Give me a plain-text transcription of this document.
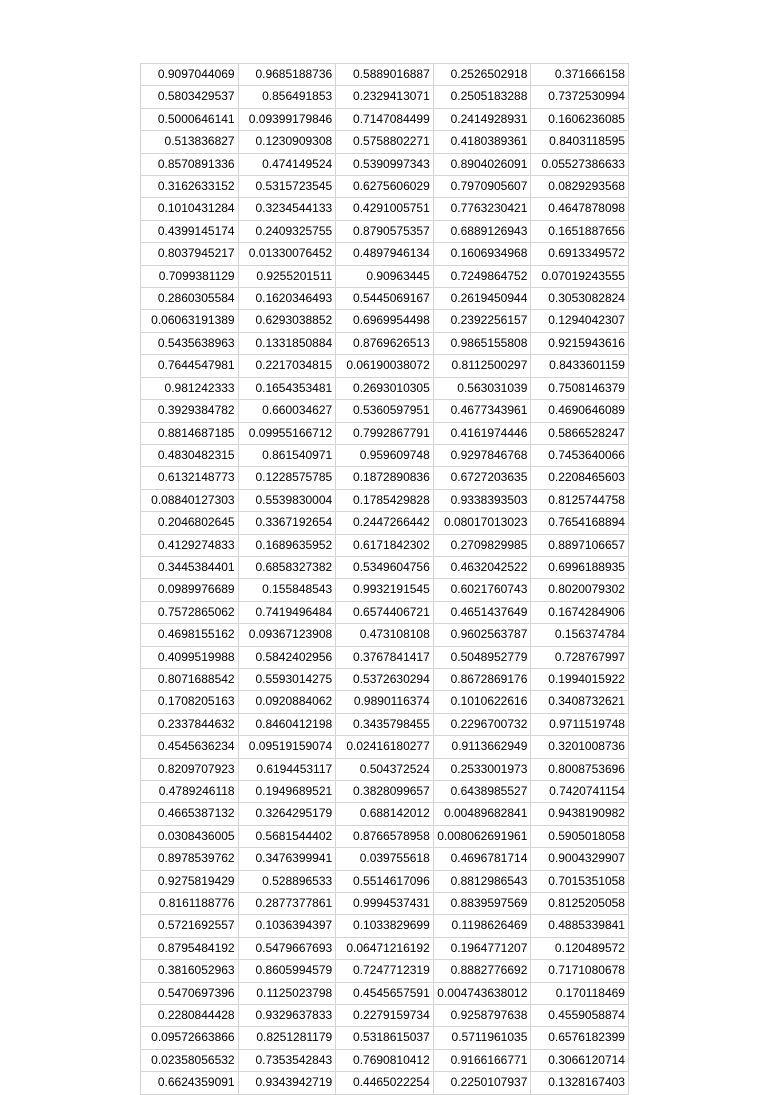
0.9097044069	0.9685188736	0.5889016887	0.2526502918	0.371666158
0.5803429537	0.856491853	0.2329413071	0.2505183288	0.7372530994
0.5000646141	0.09399179846	0.7147084499	0.2414928931	0.1606236085
0.513836827	0.1230909308	0.5758802271	0.4180389361	0.8403118595
0.8570891336	0.474149524	0.5390997343	0.8904026091	0.05527386633
0.3162633152	0.5315723545	0.6275606029	0.7970905607	0.0829293568
0.1010431284	0.3234544133	0.4291005751	0.7763230421	0.4647878098
0.4399145174	0.2409325755	0.8790575357	0.6889126943	0.1651887656
0.8037945217	0.01330076452	0.4897946134	0.1606934968	0.6913349572
0.7099381129	0.9255201511	0.90963445	0.7249864752	0.07019243555
0.2860305584	0.1620346493	0.5445069167	0.2619450944	0.3053082824
0.06063191389	0.6293038852	0.6969954498	0.2392256157	0.1294042307
0.5435638963	0.1331850884	0.8769626513	0.9865155808	0.9215943616
0.7644547981	0.2217034815	0.06190038072	0.8112500297	0.8433601159
0.981242333	0.1654353481	0.2693010305	0.563031039	0.7508146379
0.3929384782	0.660034627	0.5360597951	0.4677343961	0.4690646089
0.8814687185	0.09955166712	0.7992867791	0.4161974446	0.5866528247
0.4830482315	0.861540971	0.959609748	0.9297846768	0.7453640066
0.6132148773	0.1228575785	0.1872890836	0.6727203635	0.2208465603
0.08840127303	0.5539830004	0.1785429828	0.9338393503	0.8125744758
0.2046802645	0.3367192654	0.2447266442	0.08017013023	0.7654168894
0.4129274833	0.1689635952	0.6171842302	0.2709829985	0.8897106657
0.3445384401	0.6858327382	0.5349604756	0.4632042522	0.6996188935
0.0989976689	0.155848543	0.9932191545	0.6021760743	0.8020079302
0.7572865062	0.7419496484	0.6574406721	0.4651437649	0.1674284906
0.4698155162	0.09367123908	0.473108108	0.9602563787	0.156374784
0.4099519988	0.5842402956	0.3767841417	0.5048952779	0.728767997
0.8071688542	0.5593014275	0.5372630294	0.8672869176	0.1994015922
0.1708205163	0.0920884062	0.9890116374	0.1010622616	0.3408732621
0.2337844632	0.8460412198	0.3435798455	0.2296700732	0.9711519748
0.4545636234	0.09519159074	0.02416180277	0.9113662949	0.3201008736
0.8209707923	0.6194453117	0.504372524	0.2533001973	0.8008753696
0.4789246118	0.1949689521	0.3828099657	0.6438985527	0.7420741154
0.4665387132	0.3264295179	0.688142012	0.00489682841	0.9438190982
0.0308436005	0.5681544402	0.8766578958	0.008062691961	0.5905018058
0.8978539762	0.3476399941	0.039755618	0.4696781714	0.9004329907
0.9275819429	0.528896533	0.5514617096	0.8812986543	0.7015351058
0.8161188776	0.2877377861	0.9994537431	0.8839597569	0.8125205058
0.5721692557	0.1036394397	0.1033829699	0.1198626469	0.4885339841
0.8795484192	0.5479667693	0.06471216192	0.1964771207	0.120489572
0.3816052963	0.8605994579	0.7247712319	0.8882776692	0.7171080678
0.5470697396	0.1125023798	0.4545657591	0.004743638012	0.170118469
0.2280844428	0.9329637833	0.2279159734	0.9258797638	0.4559058874
0.09572663866	0.8251281179	0.5318615037	0.5711961035	0.6576182399
0.02358056532	0.7353542843	0.7690810412	0.9166166771	0.3066120714
0.6624359091	0.9343942719	0.4465022254	0.2250107937	0.1328167403
